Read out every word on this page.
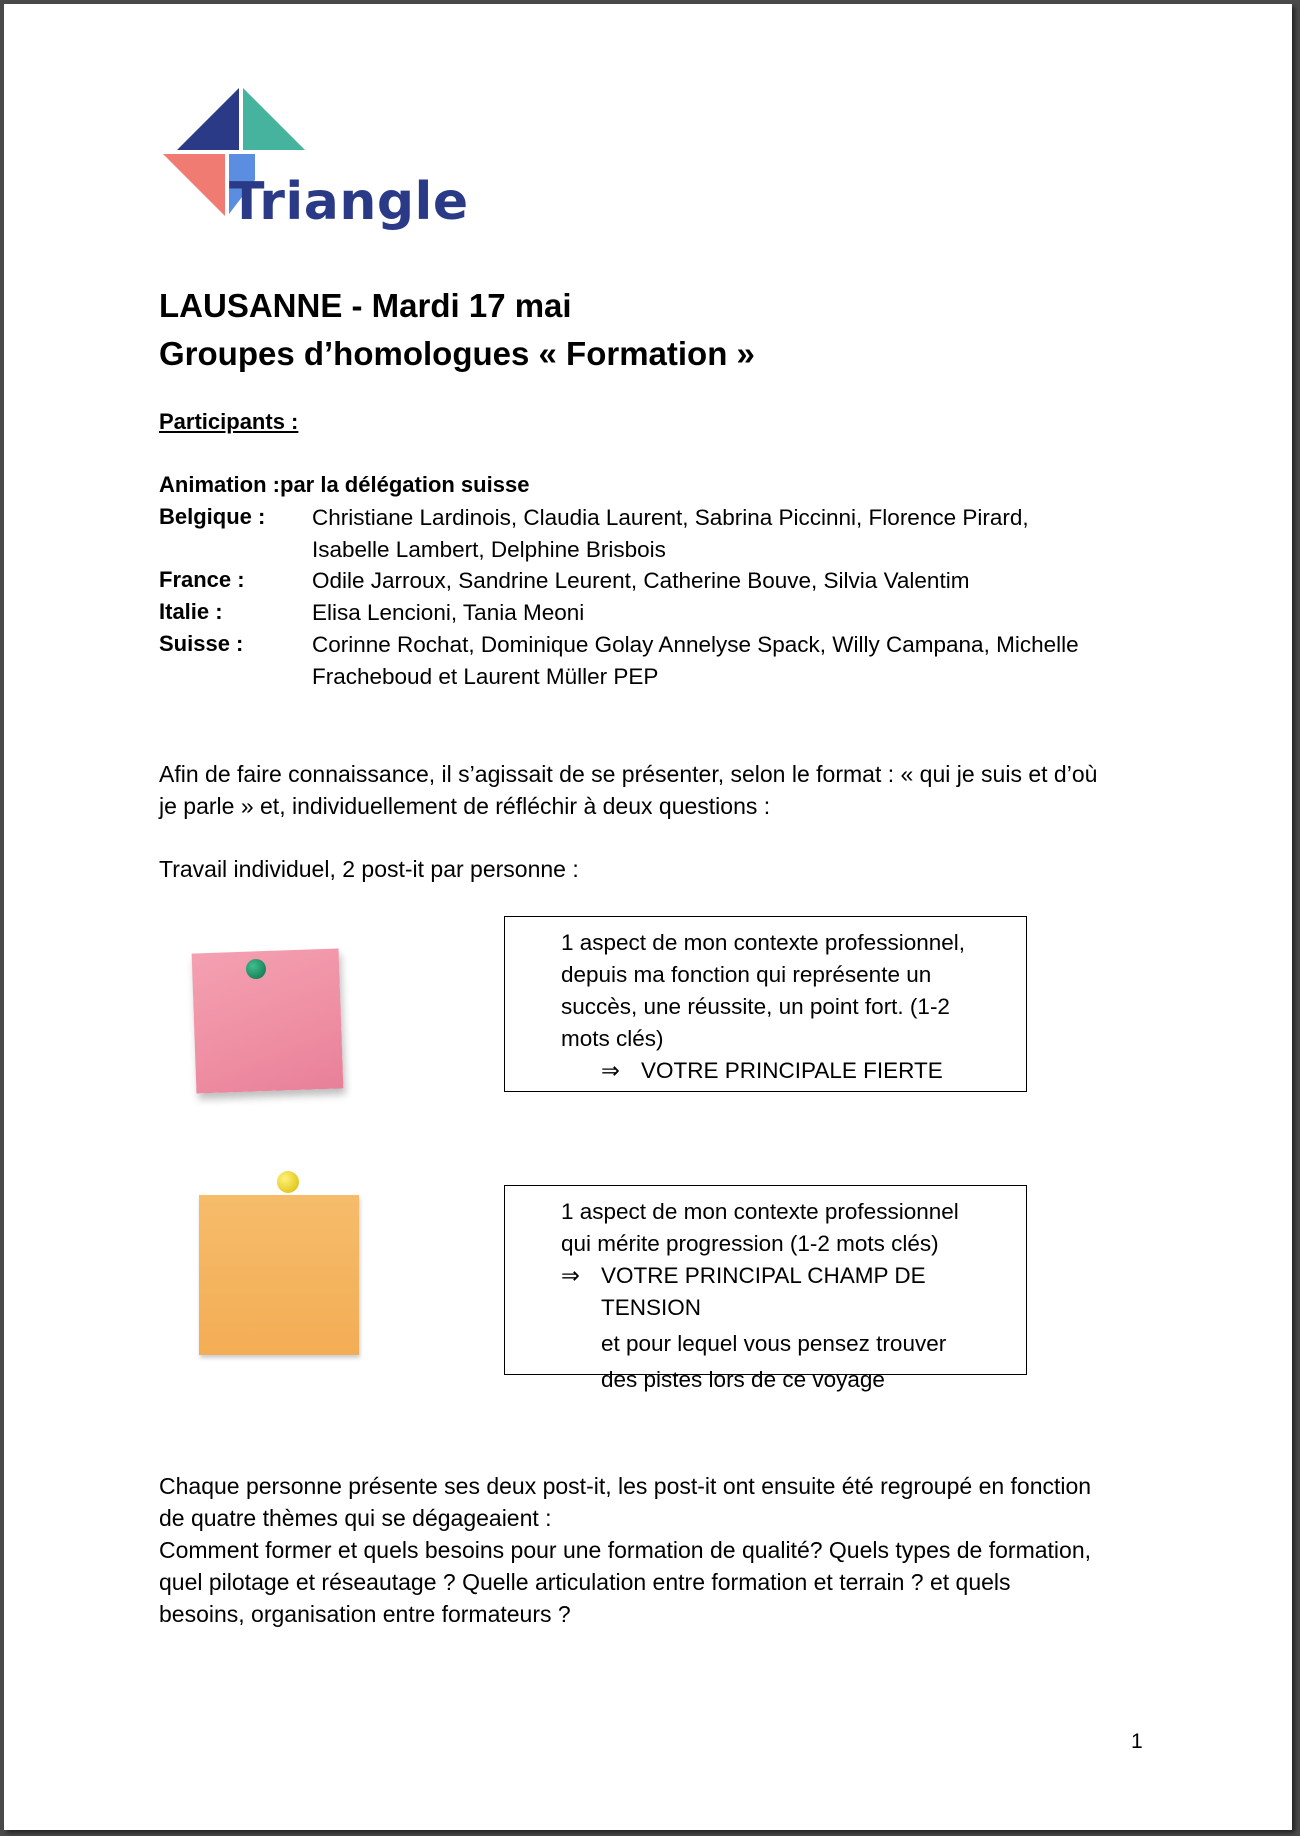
Triangle
LAUSANNE - Mardi 17 mai
Groupes d’homologues « Formation »
Participants :
Animation :par la délégation suisse
Belgique : Christiane Lardinois, Claudia Laurent, Sabrina Piccinni, Florence Pirard,
Isabelle Lambert, Delphine Brisbois
France :	Odile Jarroux, Sandrine Leurent, Catherine Bouve, Silvia Valentim
Italie :	Elisa Lencioni, Tania Meoni
Suisse :	Corinne Rochat, Dominique Golay Annelyse Spack, Willy Campana, Michelle
Fracheboud et Laurent Müller PEP
Afin de faire connaissance, il s’agissait de se présenter, selon le format : « qui je suis et d’où
je parle » et, individuellement de réfléchir à deux questions :
Travail individuel, 2 post-it par personne :
1 aspect de mon contexte professionnel,
depuis ma fonction qui représente un
succès, une réussite, un point fort. (1-2
mots clés)
⇒ VOTRE PRINCIPALE FIERTE
1 aspect de mon contexte professionnel
qui mérite progression (1-2 mots clés)
⇒ VOTRE PRINCIPAL CHAMP DE TENSION
et pour lequel vous pensez trouver
des pistes lors de ce voyage
Chaque personne présente ses deux post-it, les post-it ont ensuite été regroupé en fonction
de quatre thèmes qui se dégageaient :
Comment former et quels besoins pour une formation de qualité? Quels types de formation,
quel pilotage et réseautage ? Quelle articulation entre formation et terrain ? et quels
besoins, organisation entre formateurs ?
1
